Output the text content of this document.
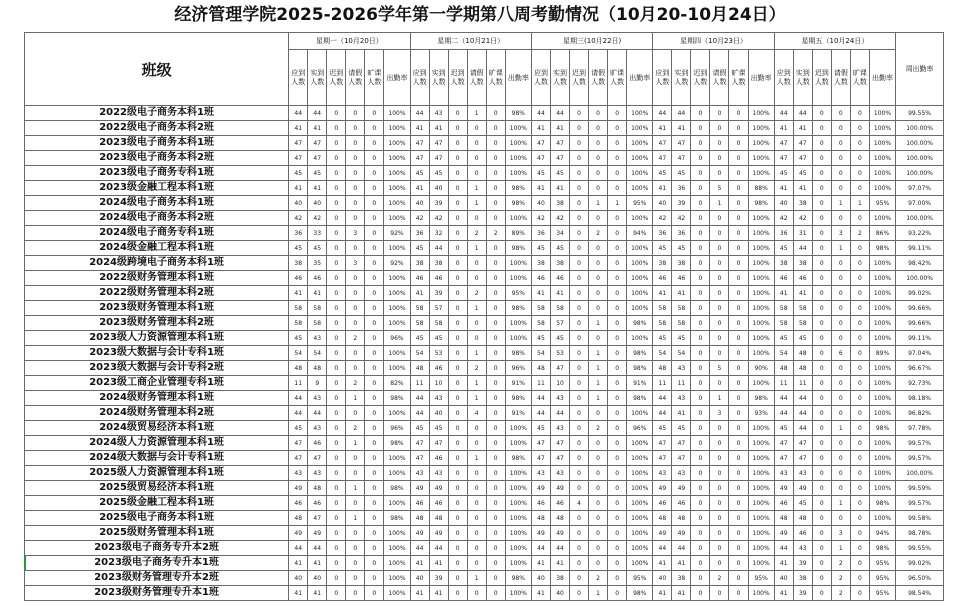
经济管理学院2025-2026学年第一学期第八周考勤情况（10月20-10月24日）
班级	星期一（10月20日）						星期二（10月21日）						星期三(10月22日)						星期四（10月23日）						星期五（10月24日）						周出勤率
	应到人数	实到人数	迟到人数	请假人数	旷课人数	出勤率	应到人数	实到人数	迟到人数	请假人数	旷课人数	出勤率	应到人数	实到人数	迟到人数	请假人数	旷课人数	出勤率	应到人数	实到人数	迟到人数	请假人数	旷课人数	出勤率	应到人数	实到人数	迟到人数	请假人数	旷课人数	出勤率	
2022级电子商务本科1班	44	44	0	0	0	100%	44	43	0	1	0	98%	44	44	0	0	0	100%	44	44	0	0	0	100%	44	44	0	0	0	100%	99.55%
2022级电子商务本科2班	41	41	0	0	0	100%	41	41	0	0	0	100%	41	41	0	0	0	100%	41	41	0	0	0	100%	41	41	0	0	0	100%	100.00%
2023级电子商务本科1班	47	47	0	0	0	100%	47	47	0	0	0	100%	47	47	0	0	0	100%	47	47	0	0	0	100%	47	47	0	0	0	100%	100.00%
2023级电子商务本科2班	47	47	0	0	0	100%	47	47	0	0	0	100%	47	47	0	0	0	100%	47	47	0	0	0	100%	47	47	0	0	0	100%	100.00%
2023级电子商务专科1班	45	45	0	0	0	100%	45	45	0	0	0	100%	45	45	0	0	0	100%	45	45	0	0	0	100%	45	45	0	0	0	100%	100.00%
2023级金融工程本科1班	41	41	0	0	0	100%	41	40	0	1	0	98%	41	41	0	0	0	100%	41	36	0	5	0	88%	41	41	0	0	0	100%	97.07%
2024级电子商务本科1班	40	40	0	0	0	100%	40	39	0	1	0	98%	40	38	0	1	1	95%	40	39	0	1	0	98%	40	38	0	1	1	95%	97.00%
2024级电子商务本科2班	42	42	0	0	0	100%	42	42	0	0	0	100%	42	42	0	0	0	100%	42	42	0	0	0	100%	42	42	0	0	0	100%	100.00%
2024级电子商务专科1班	36	33	0	3	0	92%	36	32	0	2	2	89%	36	34	0	2	0	94%	36	36	0	0	0	100%	36	31	0	3	2	86%	93.22%
2024级金融工程本科1班	45	45	0	0	0	100%	45	44	0	1	0	98%	45	45	0	0	0	100%	45	45	0	0	0	100%	45	44	0	1	0	98%	99.11%
2024级跨境电子商务本科1班	38	35	0	3	0	92%	38	38	0	0	0	100%	38	38	0	0	0	100%	38	38	0	0	0	100%	38	38	0	0	0	100%	98.42%
2022级财务管理本科1班	46	46	0	0	0	100%	46	46	0	0	0	100%	46	46	0	0	0	100%	46	46	0	0	0	100%	46	46	0	0	0	100%	100.00%
2022级财务管理本科2班	41	41	0	0	0	100%	41	39	0	2	0	95%	41	41	0	0	0	100%	41	41	0	0	0	100%	41	41	0	0	0	100%	99.02%
2023级财务管理本科1班	58	58	0	0	0	100%	58	57	0	1	0	98%	58	58	0	0	0	100%	58	58	0	0	0	100%	58	58	0	0	0	100%	99.66%
2023级财务管理本科2班	58	58	0	0	0	100%	58	58	0	0	0	100%	58	57	0	1	0	98%	58	58	0	0	0	100%	58	58	0	0	0	100%	99.66%
2023级人力资源管理本科1班	45	43	0	2	0	96%	45	45	0	0	0	100%	45	45	0	0	0	100%	45	45	0	0	0	100%	45	45	0	0	0	100%	99.11%
2023级大数据与会计专科1班	54	54	0	0	0	100%	54	53	0	1	0	98%	54	53	0	1	0	98%	54	54	0	0	0	100%	54	48	0	6	0	89%	97.04%
2023级大数据与会计专科2班	48	48	0	0	0	100%	48	46	0	2	0	96%	48	47	0	1	0	98%	48	43	0	5	0	90%	48	48	0	0	0	100%	96.67%
2023级工商企业管理专科1班	11	9	0	2	0	82%	11	10	0	1	0	91%	11	10	0	1	0	91%	11	11	0	0	0	100%	11	11	0	0	0	100%	92.73%
2024级财务管理本科1班	44	43	0	1	0	98%	44	43	0	1	0	98%	44	43	0	1	0	98%	44	43	0	1	0	98%	44	44	0	0	0	100%	98.18%
2024级财务管理本科2班	44	44	0	0	0	100%	44	40	0	4	0	91%	44	44	0	0	0	100%	44	41	0	3	0	93%	44	44	0	0	0	100%	96.82%
2024级贸易经济本科1班	45	43	0	2	0	96%	45	45	0	0	0	100%	45	43	0	2	0	96%	45	45	0	0	0	100%	45	44	0	1	0	98%	97.78%
2024级人力资源管理本科1班	47	46	0	1	0	98%	47	47	0	0	0	100%	47	47	0	0	0	100%	47	47	0	0	0	100%	47	47	0	0	0	100%	99.57%
2024级大数据与会计专科1班	47	47	0	0	0	100%	47	46	0	1	0	98%	47	47	0	0	0	100%	47	47	0	0	0	100%	47	47	0	0	0	100%	99.57%
2025级人力资源管理本科1班	43	43	0	0	0	100%	43	43	0	0	0	100%	43	43	0	0	0	100%	43	43	0	0	0	100%	43	43	0	0	0	100%	100.00%
2025级贸易经济本科1班	49	48	0	1	0	98%	49	49	0	0	0	100%	49	49	0	0	0	100%	49	49	0	0	0	100%	49	49	0	0	0	100%	99.59%
2025级金融工程本科1班	46	46	0	0	0	100%	46	46	0	0	0	100%	46	46	4	0	0	100%	46	46	0	0	0	100%	46	45	0	1	0	98%	99.57%
2025级电子商务本科1班	48	47	0	1	0	98%	48	48	0	0	0	100%	48	48	0	0	0	100%	48	48	0	0	0	100%	48	48	0	0	0	100%	99.58%
2025级财务管理本科1班	49	49	0	0	0	100%	49	49	0	0	0	100%	49	49	0	0	0	100%	49	49	0	0	0	100%	49	46	0	3	0	94%	98.78%
2023级电子商务专升本2班	44	44	0	0	0	100%	44	44	0	0	0	100%	44	44	0	0	0	100%	44	44	0	0	0	100%	44	43	0	1	0	98%	99.55%
2023级电子商务专升本1班	41	41	0	0	0	100%	41	41	0	0	0	100%	41	41	0	0	0	100%	41	41	0	0	0	100%	41	39	0	2	0	95%	99.02%
2023级财务管理专升本2班	40	40	0	0	0	100%	40	39	0	1	0	98%	40	38	0	2	0	95%	40	38	0	2	0	95%	40	38	0	2	0	95%	96.50%
2023级财务管理专升本1班	41	41	0	0	0	100%	41	41	0	0	0	100%	41	40	0	1	0	98%	41	41	0	0	0	100%	41	39	0	2	0	95%	98.54%
